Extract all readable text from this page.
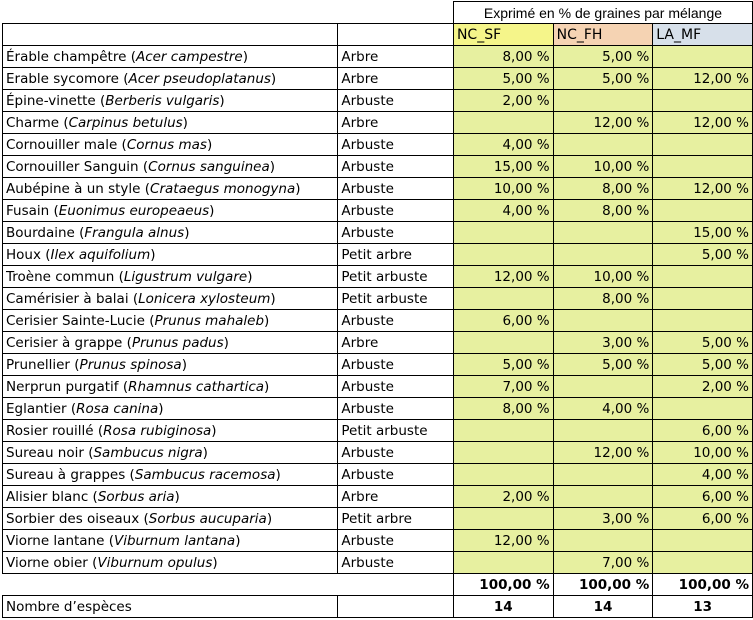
		Exprimé en % de graines par mélange		
		NC_SF	NC_FH	LA_MF
Érable champêtre (Acer campestre)	Arbre	8,00 %	5,00 %	
Erable sycomore (Acer pseudoplatanus)	Arbre	5,00 %	5,00 %	12,00 %
Épine-vinette (Berberis vulgaris)	Arbuste	2,00 %		
Charme (Carpinus betulus)	Arbre		12,00 %	12,00 %
Cornouiller male (Cornus mas)	Arbuste	4,00 %		
Cornouiller Sanguin (Cornus sanguinea)	Arbuste	15,00 %	10,00 %	
Aubépine à un style (Crataegus monogyna)	Arbuste	10,00 %	8,00 %	12,00 %
Fusain (Euonimus europeaeus)	Arbuste	4,00 %	8,00 %	
Bourdaine (Frangula alnus)	Arbuste			15,00 %
Houx (Ilex aquifolium)	Petit arbre			5,00 %
Troène commun (Ligustrum vulgare)	Petit arbuste	12,00 %	10,00 %	
Camérisier à balai (Lonicera xylosteum)	Petit arbuste		8,00 %	
Cerisier Sainte-Lucie (Prunus mahaleb)	Arbuste	6,00 %		
Cerisier à grappe (Prunus padus)	Arbre		3,00 %	5,00 %
Prunellier (Prunus spinosa)	Arbuste	5,00 %	5,00 %	5,00 %
Nerprun purgatif (Rhamnus cathartica)	Arbuste	7,00 %		2,00 %
Eglantier (Rosa canina)	Arbuste	8,00 %	4,00 %	
Rosier rouillé (Rosa rubiginosa)	Petit arbuste			6,00 %
Sureau noir (Sambucus nigra)	Arbuste		12,00 %	10,00 %
Sureau à grappes (Sambucus racemosa)	Arbuste			4,00 %
Alisier blanc (Sorbus aria)	Arbre	2,00 %		6,00 %
Sorbier des oiseaux (Sorbus aucuparia)	Petit arbre		3,00 %	6,00 %
Viorne lantane (Viburnum lantana)	Arbuste	12,00 %		
Viorne obier (Viburnum opulus)	Arbuste		7,00 %	
		100,00 %	100,00 %	100,00 %
Nombre d’espèces		14	14	13
